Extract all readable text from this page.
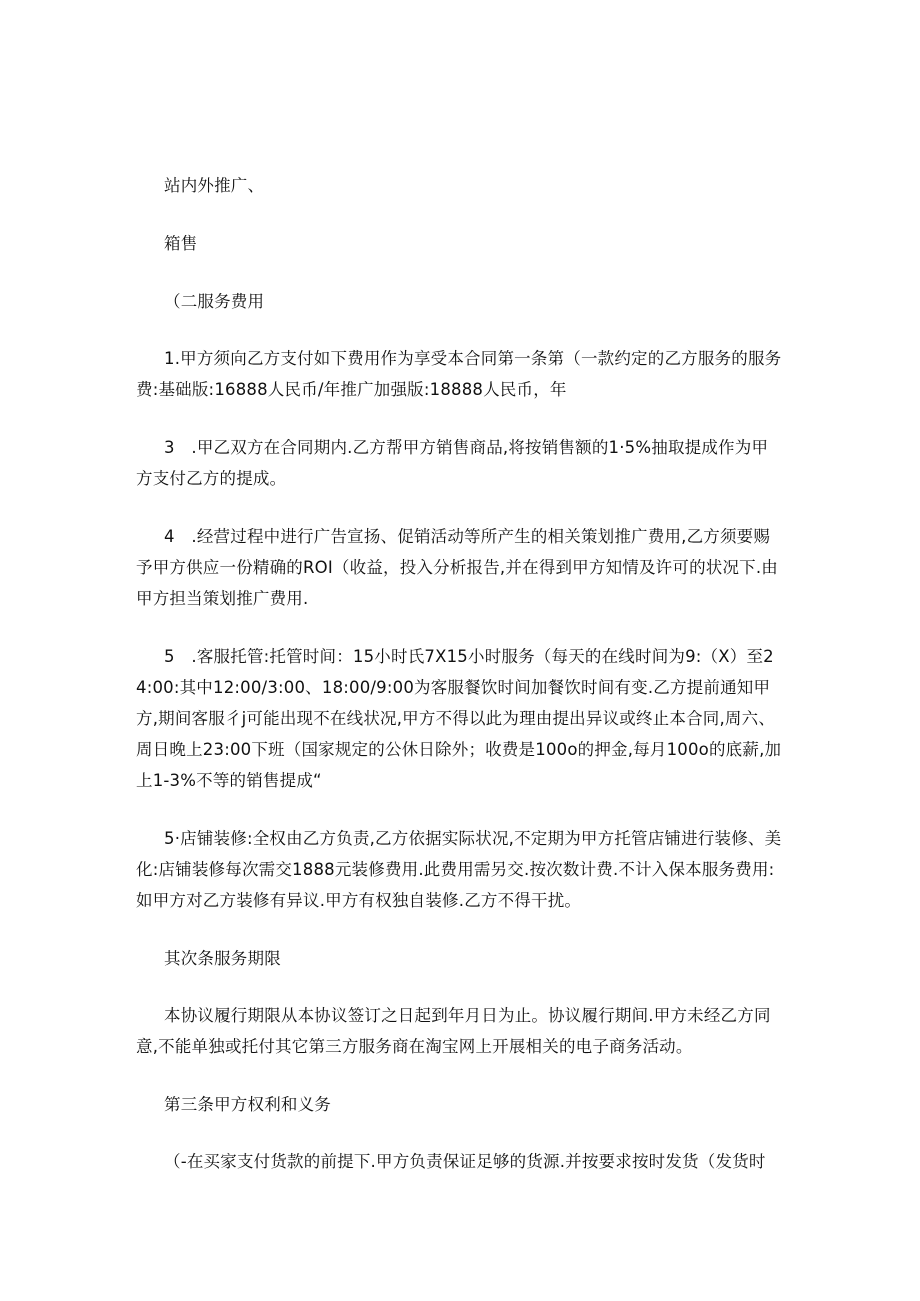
站内外推广、

箱售

（二服务费用

1.甲方须向乙方支付如下费用作为享受本合同第一条第（一款约定的乙方服务的服务费:基础版:16888人民币/年推广加强版:18888人民币，年

3　.甲乙双方在合同期内.乙方帮甲方销售商品,将按销售额的1·5%抽取提成作为甲方支付乙方的提成。

4　.经营过程中进行广告宣扬、促销活动等所产生的相关策划推广费用,乙方须要赐予甲方供应一份精确的ROI（收益，投入分析报告,并在得到甲方知情及许可的状况下.由甲方担当策划推广费用.

5　.客服托管:托管时间：15小时氏7X15小时服务（每天的在线时间为9:（X）至24:00:其中12:00/3:00、18:00/9:00为客服餐饮时间加餐饮时间有变.乙方提前通知甲方,期间客服彳j可能出现不在线状况,甲方不得以此为理由提出异议或终止本合同,周六、周日晚上23:00下班（国家规定的公休日除外；收费是100o的押金,每月100o的底薪,加上1-3%不等的销售提成“

5·店铺装修:全权由乙方负责,乙方依据实际状况,不定期为甲方托管店铺进行装修、美化:店铺装修每次需交1888元装修费用.此费用需另交.按次数计费.不计入保本服务费用:如甲方对乙方装修有异议.甲方有权独自装修.乙方不得干扰。

其次条服务期限

本协议履行期限从本协议签订之日起到年月日为止。协议履行期间.甲方未经乙方同意,不能单独或托付其它第三方服务商在淘宝网上开展相关的电子商务活动。

第三条甲方权利和义务

（-在买家支付货款的前提下.甲方负责保证足够的货源.并按要求按时发货（发货时
